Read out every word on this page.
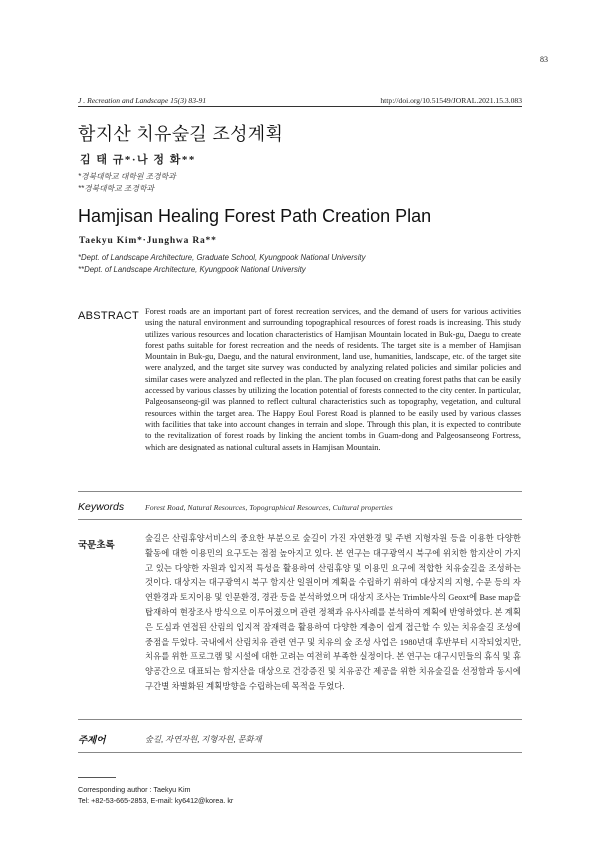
83
J . Recreation and Landscape 15(3) 83-91	http://doi.org/10.51549/JORAL.2021.15.3.083
함지산 치유숲길 조성계획
김 태 규*·나 정 화**
*경북대학교 대학원 조경학과
**경북대학교 조경학과
Hamjisan Healing Forest Path Creation Plan
Taekyu Kim*·Junghwa Ra**
*Dept. of Landscape Architecture, Graduate School, Kyungpook National University
**Dept. of Landscape Architecture, Kyungpook National University
ABSTRACT Forest roads are an important part of forest recreation services, and the demand of users for various activities using the natural environment and surrounding topographical resources of forest roads is increasing. This study utilizes various resources and location characteristics of Hamjisan Mountain located in Buk-gu, Daegu to create forest paths suitable for forest recreation and the needs of residents. The target site is a member of Hamjisan Mountain in Buk-gu, Daegu, and the natural environment, land use, humanities, landscape, etc. of the target site were analyzed, and the target site survey was conducted by analyzing related policies and similar policies and similar cases were analyzed and reflected in the plan. The plan focused on creating forest paths that can be easily accessed by various classes by utilizing the location potential of forests connected to the city center. In particular, Palgeosanseong-gil was planned to reflect cultural characteristics such as topography, vegetation, and cultural resources within the target area. The Happy Eoul Forest Road is planned to be easily used by various classes with facilities that take into account changes in terrain and slope. Through this plan, it is expected to contribute to the revitalization of forest roads by linking the ancient tombs in Guam-dong and Palgeosanseong Fortress, which are designated as national cultural assets in Hamjisan Mountain.
Keywords	Forest Road, Natural Resources, Topographical Resources, Cultural properties
국문초록
숲길은 산림휴양서비스의 중요한 부분으로 숲길이 가진 자연환경 및 주변 지형자원 등을 이용한 다양한 활동에 대한 이용민의 요구도는 점점 높아지고 있다. 본 연구는 대구광역시 북구에 위치한 함지산이 가지고 있는 다양한 자원과 입지적 특성을 활용하여 산림휴양 및 이용민 요구에 적합한 치유숲길을 조성하는 것이다. 대상지는 대구광역시 북구 함지산 일원이며 계획을 수립하기 위하여 대상지의 지형, 수문 등의 자연환경과 토지이용 및 인문환경, 경관 등을 분석하였으며 대상지 조사는 Trimble사의 Geoxt에 Base map을 탑재하여 현장조사 방식으로 이루어졌으며 관련 정책과 유사사례를 분석하여 계획에 반영하였다. 본 계획은 도심과 연접된 산림의 입지적 잠재력을 활용하여 다양한 계층이 쉽게 접근할 수 있는 치유숲길 조성에 중점을 두었다. 국내에서 산림치유 관련 연구 및 치유의 숲 조성 사업은 1980년대 후반부터 시작되었지만, 치유를 위한 프로그램 및 시설에 대한 고려는 여전히 부족한 실정이다. 본 연구는 대구시민들의 휴식 및 휴양공간으로 대표되는 함지산을 대상으로 건강증진 및 치유공간 제공을 위한 치유숲길을 선정함과 동시에 구간별 차별화된 계획방향을 수립하는데 목적을 두었다.
주제어	숲길, 자연자원, 지형자원, 문화재
Corresponding author : Taekyu Kim
Tel: +82-53-665-2853, E-mail: ky6412@korea. kr
